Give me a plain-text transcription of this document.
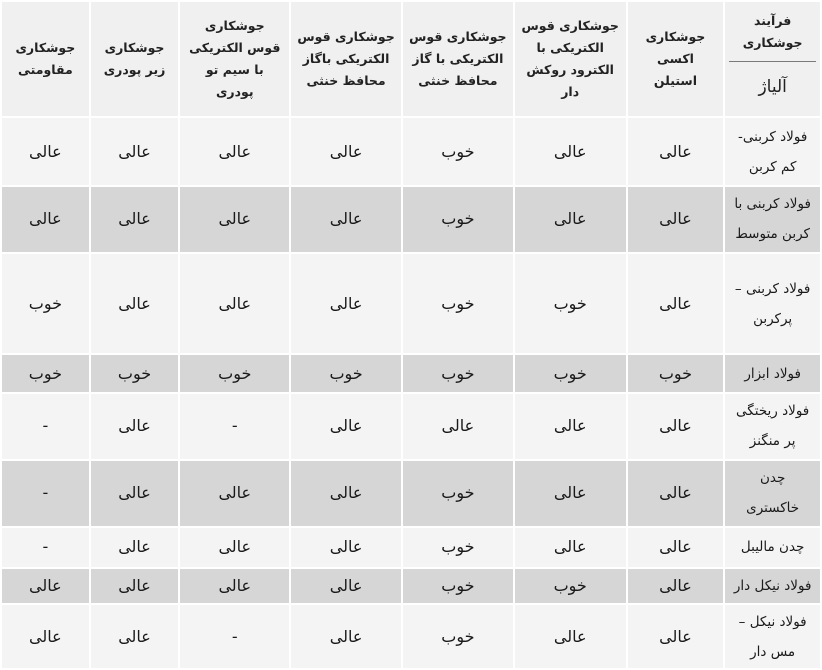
فرآیند جوشکاری
آلیاژ	جوشکاری اکسی استیلن	جوشکاری قوس الکتریکی با الکترود روکش دار	جوشکاری قوس الکتریکی با گاز محافظ خنثی	جوشکاری قوس الکتریکی باگاز محافظ خنثی	جوشکاری قوس الکتریکی با سیم تو پودری	جوشکاری زیر پودری	جوشکاری مقاومتی
فولاد کربنی- کم کربن	عالی	عالی	خوب	عالی	عالی	عالی	عالی
فولاد کربنی با کربن متوسط	عالی	عالی	خوب	عالی	عالی	عالی	عالی
فولاد کربنی – پرکربن	عالی	خوب	خوب	عالی	عالی	عالی	خوب
فولاد ابزار	خوب	خوب	خوب	خوب	خوب	خوب	خوب
فولاد ریختگی پر منگنز	عالی	عالی	عالی	عالی	-	عالی	-
چدن خاکستری	عالی	عالی	خوب	عالی	عالی	عالی	-
چدن مالیبل	عالی	عالی	خوب	عالی	عالی	عالی	-
فولاد نیکل دار	عالی	خوب	خوب	عالی	عالی	عالی	عالی
فولاد نیکل – مس دار	عالی	عالی	خوب	عالی	-	عالی	عالی
